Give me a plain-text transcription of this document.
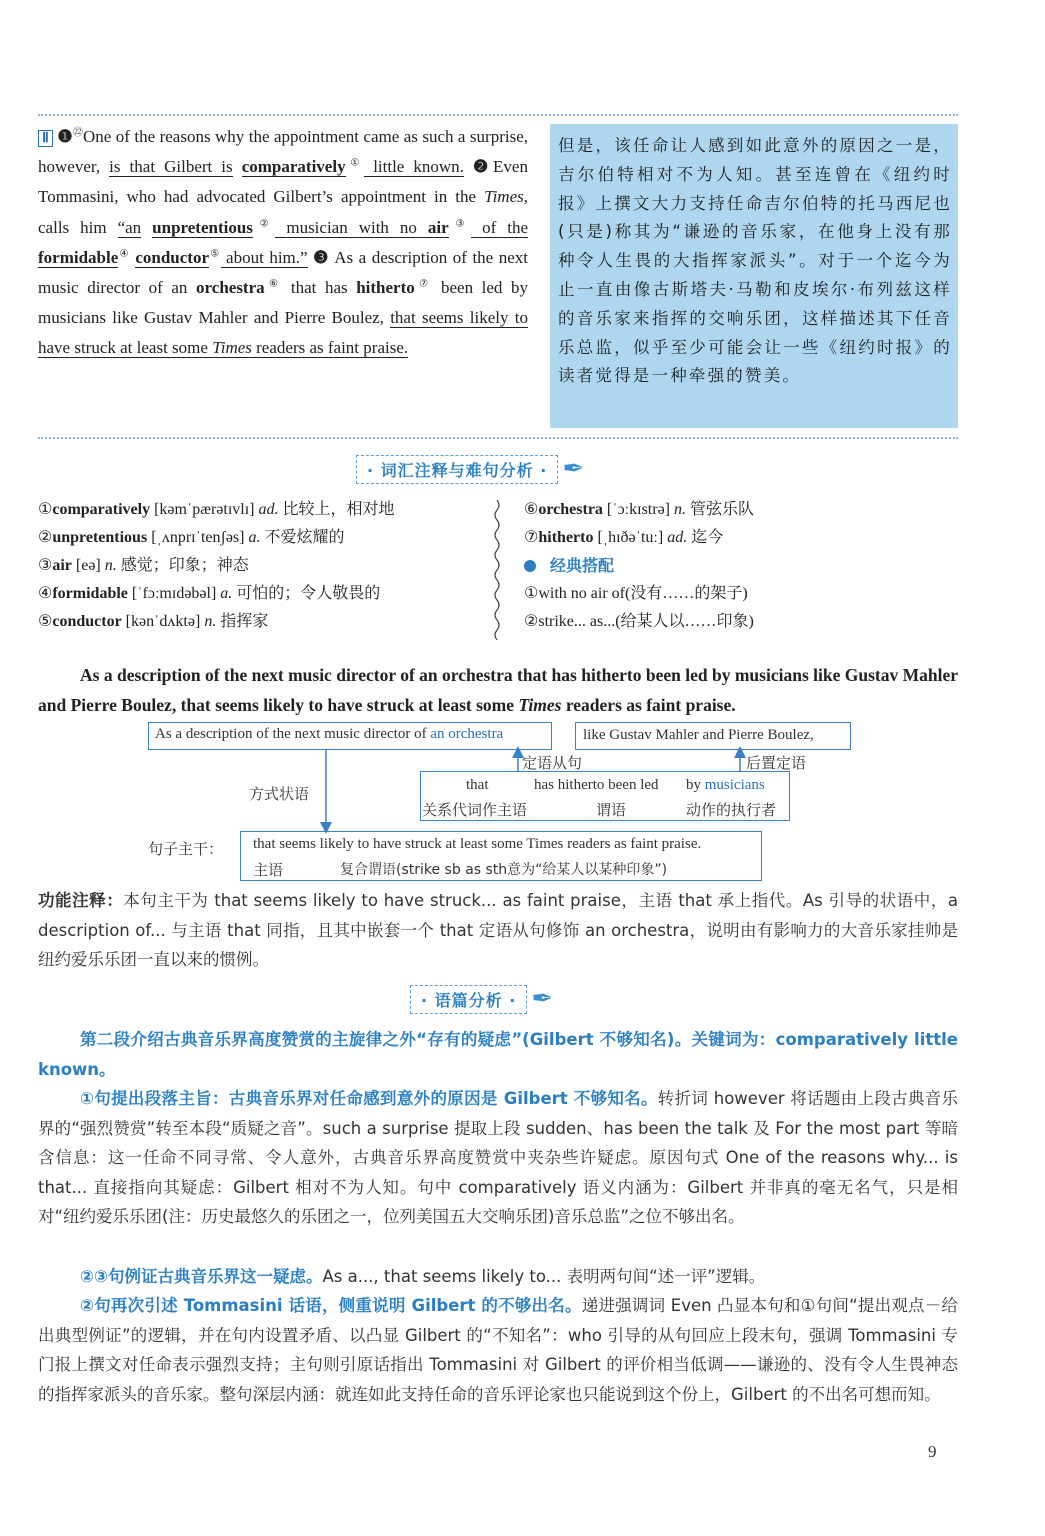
Ⅱ ❶$^㉒$One of the reasons why the appointment came as such a surprise, however, is that Gilbert is comparatively① little known. ❷Even Tommasini, who had advocated Gilbert’s appointment in the Times, calls him “an unpretentious② musician with no air③ of the formidable④ conductor⑤ about him.” ❸ As a description of the next music director of an orchestra⑥ that has hitherto⑦ been led by musicians like Gustav Mahler and Pierre Boulez, that seems likely to have struck at least some Times readers as faint praise.
但是，该任命让人感到如此意外的原因之一是，吉尔伯特相对不为人知。甚至连曾在《纽约时报》上撰文大力支持任命吉尔伯特的托马西尼也(只是)称其为“谦逊的音乐家，在他身上没有那种令人生畏的大指挥家派头”。对于一个迄今为止一直由像古斯塔夫·马勒和皮埃尔·布列兹这样的音乐家来指挥的交响乐团，这样描述其下任音乐总监，似乎至少可能会让一些《纽约时报》的读者觉得是一种牵强的赞美。
· 词汇注释与难句分析 · ✒
①comparatively [kəmˈpærətɪvlɪ] ad. 比较上，相对地
②unpretentious [ˌʌnprɪˈtenʃəs] a. 不爱炫耀的
③air [eə] n. 感觉；印象；神态
④formidable [ˈfɔːmɪdəbəl] a. 可怕的；令人敬畏的
⑤conductor [kənˈdʌktə] n. 指挥家
⑥orchestra [ˈɔːkɪstrə] n. 管弦乐队
⑦hitherto [ˌhɪðəˈtuː] ad. 迄今
经典搭配
①with no air of(没有……的架子)
②strike... as...(给某人以……印象)
As a description of the next music director of an orchestra that has hitherto been led by musicians like Gustav Mahler and Pierre Boulez, that seems likely to have struck at least some Times readers as faint praise.
As a description of the next music director of an orchestra	like Gustav Mahler and Pierre Boulez,
定语从句	后置定语
方式状语	that	has hitherto been led by musicians
关系代词作主语	谓语	动作的执行者
句子主干： that seems likely to have struck at least some Times readers as faint praise.
主语	复合谓语(strike sb as sth意为“给某人以某种印象”)
功能注释：本句主干为 that seems likely to have struck... as faint praise，主语 that 承上指代。As 引导的状语中，a description of... 与主语 that 同指，且其中嵌套一个 that 定语从句修饰 an orchestra，说明由有影响力的大音乐家挂帅是纽约爱乐乐团一直以来的惯例。
· 语篇分析 · ✒
第二段介绍古典音乐界高度赞赏的主旋律之外“存有的疑虑”(Gilbert 不够知名)。关键词为：comparatively little known。
①句提出段落主旨：古典音乐界对任命感到意外的原因是 Gilbert 不够知名。转折词 however 将话题由上段古典音乐界的“强烈赞赏”转至本段“质疑之音”。such a surprise 提取上段 sudden、has been the talk 及 For the most part 等暗含信息：这一任命不同寻常、令人意外，古典音乐界高度赞赏中夹杂些许疑虑。原因句式 One of the reasons why... is that... 直接指向其疑虑：Gilbert 相对不为人知。句中 comparatively 语义内涵为：Gilbert 并非真的毫无名气，只是相对“纽约爱乐乐团(注：历史最悠久的乐团之一，位列美国五大交响乐团)音乐总监”之位不够出名。
②③句例证古典音乐界这一疑虑。As a..., that seems likely to... 表明两句间“述一评”逻辑。
②句再次引述 Tommasini 话语，侧重说明 Gilbert 的不够出名。递进强调词 Even 凸显本句和①句间“提出观点－给出典型例证”的逻辑，并在句内设置矛盾、以凸显 Gilbert 的“不知名”：who 引导的从句回应上段末句，强调 Tommasini 专门报上撰文对任命表示强烈支持；主句则引原话指出 Tommasini 对 Gilbert 的评价相当低调——谦逊的、没有令人生畏神态的指挥家派头的音乐家。整句深层内涵：就连如此支持任命的音乐评论家也只能说到这个份上，Gilbert 的不出名可想而知。
9
